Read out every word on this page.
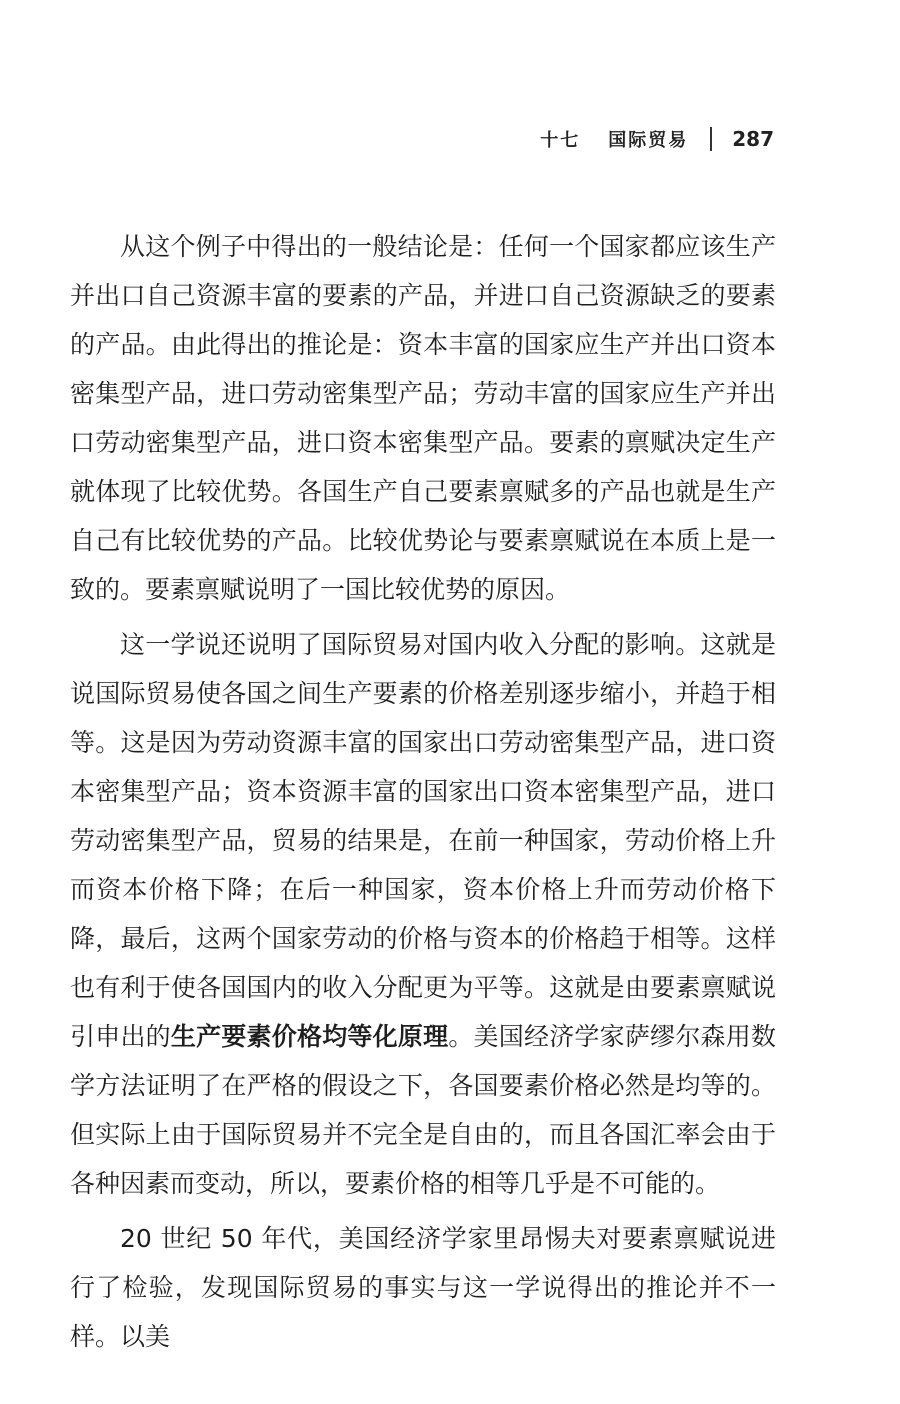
十七 国际贸易 287

从这个例子中得出的一般结论是：任何一个国家都应该生产并出口自己资源丰富的要素的产品，并进口自己资源缺乏的要素的产品。由此得出的推论是：资本丰富的国家应生产并出口资本密集型产品，进口劳动密集型产品；劳动丰富的国家应生产并出口劳动密集型产品，进口资本密集型产品。要素的禀赋决定生产就体现了比较优势。各国生产自己要素禀赋多的产品也就是生产自己有比较优势的产品。比较优势论与要素禀赋说在本质上是一致的。要素禀赋说明了一国比较优势的原因。

这一学说还说明了国际贸易对国内收入分配的影响。这就是说国际贸易使各国之间生产要素的价格差别逐步缩小，并趋于相等。这是因为劳动资源丰富的国家出口劳动密集型产品，进口资本密集型产品；资本资源丰富的国家出口资本密集型产品，进口劳动密集型产品，贸易的结果是，在前一种国家，劳动价格上升而资本价格下降；在后一种国家，资本价格上升而劳动价格下降，最后，这两个国家劳动的价格与资本的价格趋于相等。这样也有利于使各国国内的收入分配更为平等。这就是由要素禀赋说引申出的生产要素价格均等化原理。美国经济学家萨缪尔森用数学方法证明了在严格的假设之下，各国要素价格必然是均等的。但实际上由于国际贸易并不完全是自由的，而且各国汇率会由于各种因素而变动，所以，要素价格的相等几乎是不可能的。

20 世纪 50 年代，美国经济学家里昂惕夫对要素禀赋说进行了检验，发现国际贸易的事实与这一学说得出的推论并不一样。以美
